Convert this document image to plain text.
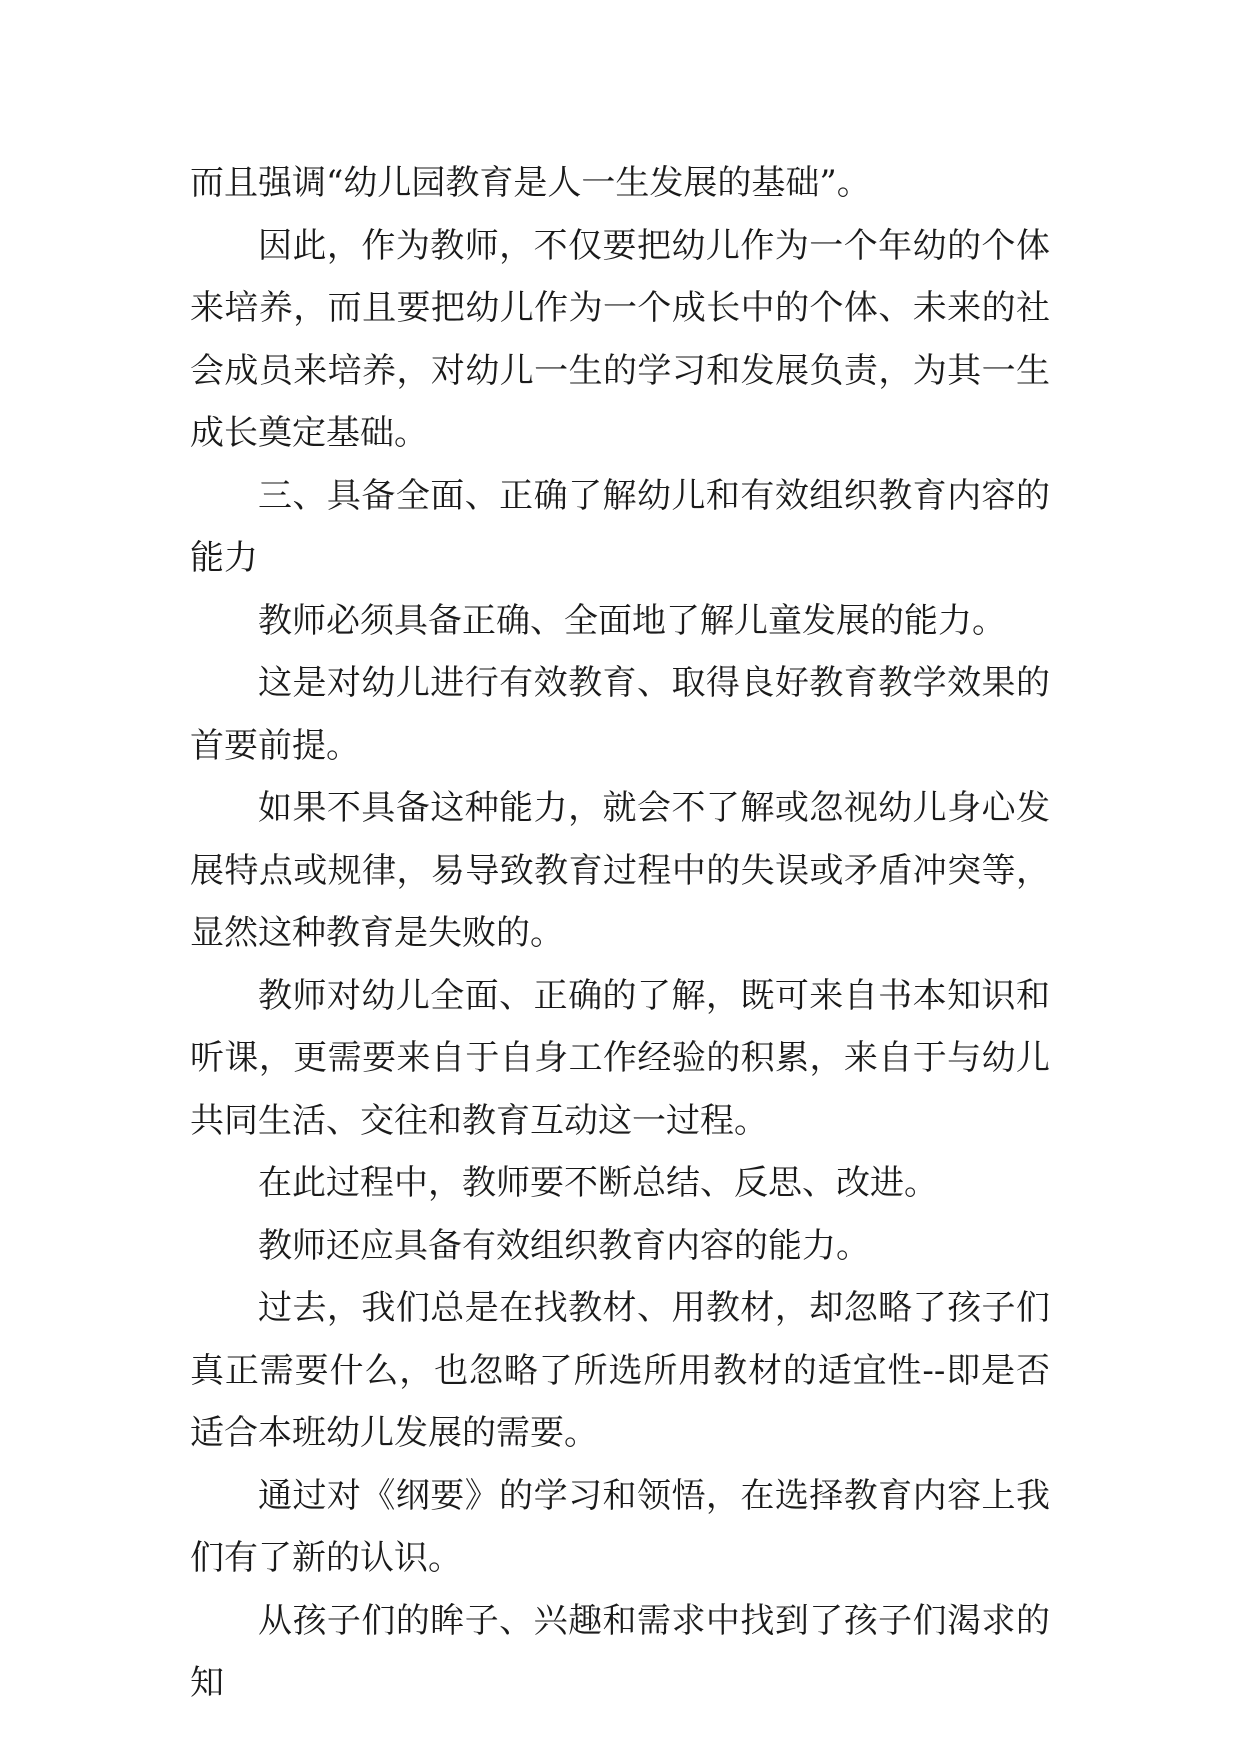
而且强调“幼儿园教育是人一生发展的基础”。

因此，作为教师，不仅要把幼儿作为一个年幼的个体来培养，而且要把幼儿作为一个成长中的个体、未来的社会成员来培养，对幼儿一生的学习和发展负责，为其一生成长奠定基础。

三、具备全面、正确了解幼儿和有效组织教育内容的能力

教师必须具备正确、全面地了解儿童发展的能力。

这是对幼儿进行有效教育、取得良好教育教学效果的首要前提。

如果不具备这种能力，就会不了解或忽视幼儿身心发展特点或规律，易导致教育过程中的失误或矛盾冲突等，显然这种教育是失败的。

教师对幼儿全面、正确的了解，既可来自书本知识和听课，更需要来自于自身工作经验的积累，来自于与幼儿共同生活、交往和教育互动这一过程。

在此过程中，教师要不断总结、反思、改进。

教师还应具备有效组织教育内容的能力。

过去，我们总是在找教材、用教材，却忽略了孩子们真正需要什么，也忽略了所选所用教材的适宜性--即是否适合本班幼儿发展的需要。

通过对《纲要》的学习和领悟，在选择教育内容上我们有了新的认识。

从孩子们的眸子、兴趣和需求中找到了孩子们渴求的知
